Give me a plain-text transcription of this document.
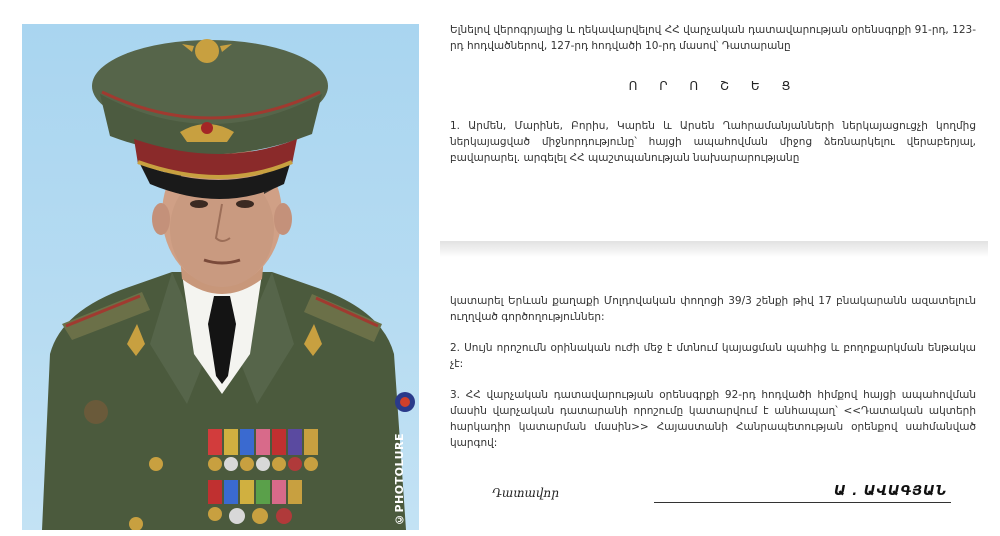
©PHOTOLURE

Ելնելով վերոգրյալից և ղեկավարվելով ՀՀ վարչական դատավարության օրենսգրքի 91-րդ, 123-րդ հոդվածներով, 127-րդ հոդվածի 10-րդ մասով՝ Դատարանը

Ո Ր Ո Շ Ե Ց

1. Արմեն, Մարինե, Բորիս, Կարեն և Արսեն Ղահրամանյանների ներկայացուցչի կողմից ներկայացված միջնորդությունը՝ հայցի ապահովման միջոց ձեռնարկելու վերաբերյալ, բավարարել. արգելել ՀՀ պաշտպանության նախարարությանը

կատարել Երևան քաղաքի Մոլդովական փողոցի 39/3 շենքի թիվ 17 բնակարանն ազատելուն ուղղված գործողություններ:

2. Սույն որոշումն օրինական ուժի մեջ է մտնում կայացման պահից և բողոքարկման ենթակա չէ:

3. ՀՀ վարչական դատավարության օրենսգրքի 92-րդ հոդվածի հիմքով հայցի ապահովման մասին վարչական դատարանի որոշումը կատարվում է անհապաղ՝ <<Դատական ակտերի հարկադիր կատարման մասին>> Հայաստանի Հանրապետության օրենքով սահմանված կարգով:

Դատավոր	Ա . ԱՎԱԳՅԱՆ
